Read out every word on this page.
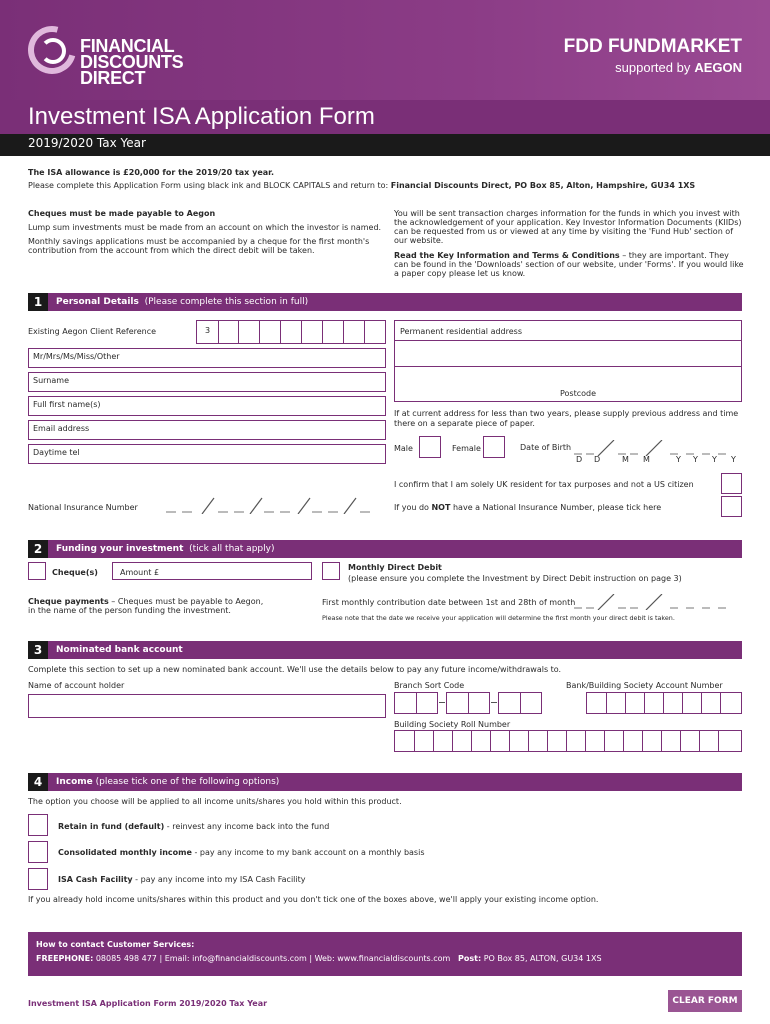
FINANCIAL
DISCOUNTS
DIRECT
FDD FUNDMARKET
supported by AEGON
Investment ISA Application Form
2019/2020 Tax Year
The ISA allowance is £20,000 for the 2019/20 tax year.
Please complete this Application Form using black ink and BLOCK CAPITALS and return to: Financial Discounts Direct, PO Box 85, Alton, Hampshire, GU34 1XS
Cheques must be made payable to Aegon
Lump sum investments must be made from an account on which the investor is named.
Monthly savings applications must be accompanied by a cheque for the first month's
contribution from the account from which the direct debit will be taken.
You will be sent transaction charges information for the funds in which you invest with
the acknowledgement of your application. Key Investor Information Documents (KIIDs)
can be requested from us or viewed at any time by visiting the 'Fund Hub' section of
our website.
Read the Key Information and Terms & Conditions – they are important. They
can be found in the 'Downloads' section of our website, under 'Forms'. If you would like
a paper copy please let us know.
1	Personal Details (Please complete this section in full)
Existing Aegon Client Reference	3
Mr/Mrs/Ms/Miss/Other
Surname
Full first name(s)
Email address
Daytime tel
Permanent residential address
Postcode
If at current address for less than two years, please supply previous address and time
there on a separate piece of paper.
Male	Female	Date of Birth
D D	M M	Y Y Y Y
I confirm that I am solely UK resident for tax purposes and not a US citizen
National Insurance Number	If you do NOT have a National Insurance Number, please tick here
2	Funding your investment (tick all that apply)
Cheque(s)	Amount £
Monthly Direct Debit
(please ensure you complete the Investment by Direct Debit instruction on page 3)
Cheque payments – Cheques must be payable to Aegon,
in the name of the person funding the investment.
First monthly contribution date between 1st and 28th of month
Please note that the date we receive your application will determine the first month your direct debit is taken.
3	Nominated bank account
Complete this section to set up a new nominated bank account. We'll use the details below to pay any future income/withdrawals to.
Name of account holder	Branch Sort Code	Bank/Building Society Account Number
Building Society Roll Number
4	Income (please tick one of the following options)
The option you choose will be applied to all income units/shares you hold within this product.
Retain in fund (default) - reinvest any income back into the fund
Consolidated monthly income - pay any income to my bank account on a monthly basis
ISA Cash Facility - pay any income into my ISA Cash Facility
If you already hold income units/shares within this product and you don't tick one of the boxes above, we'll apply your existing income option.
How to contact Customer Services:
FREEPHONE: 08085 498 477 | Email: info@financialdiscounts.com | Web: www.financialdiscounts.com Post: PO Box 85, ALTON, GU34 1XS
Investment ISA Application Form 2019/2020 Tax Year	CLEAR FORM
